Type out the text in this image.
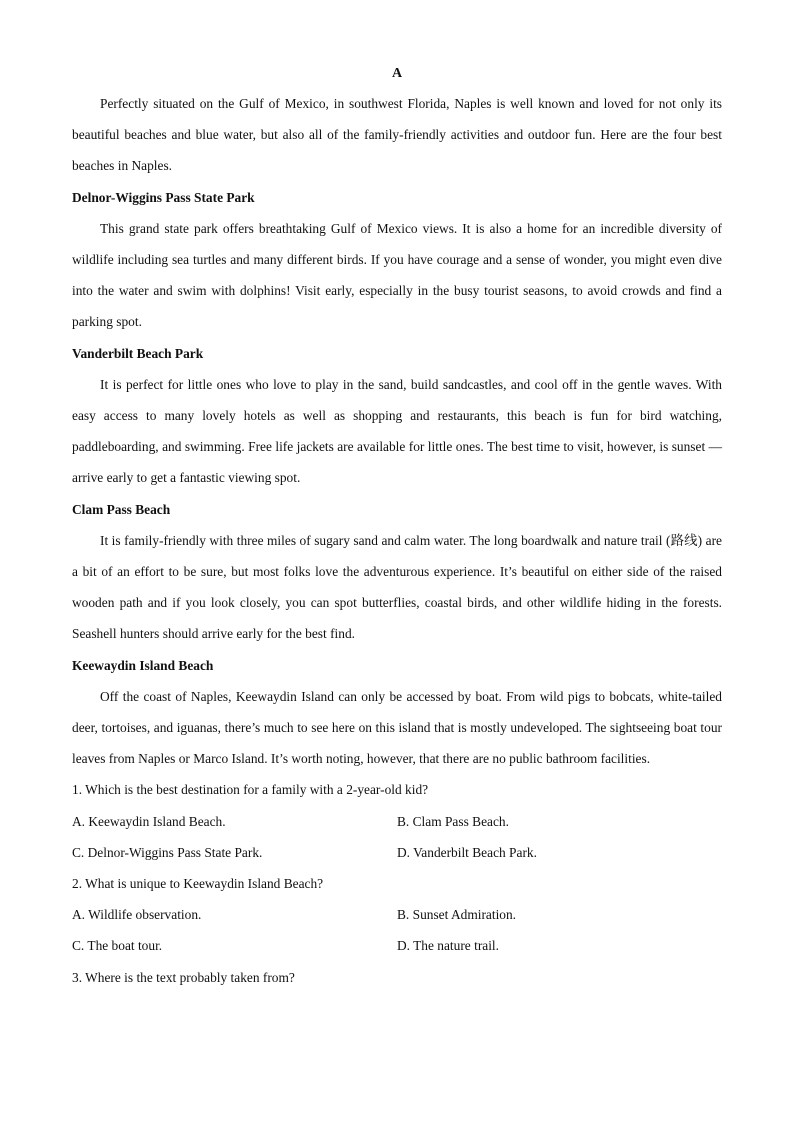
A

Perfectly situated on the Gulf of Mexico, in southwest Florida, Naples is well known and loved for not only its beautiful beaches and blue water, but also all of the family-friendly activities and outdoor fun. Here are the four best beaches in Naples.

Delnor-Wiggins Pass State Park

This grand state park offers breathtaking Gulf of Mexico views. It is also a home for an incredible diversity of wildlife including sea turtles and many different birds. If you have courage and a sense of wonder, you might even dive into the water and swim with dolphins! Visit early, especially in the busy tourist seasons, to avoid crowds and find a parking spot.

Vanderbilt Beach Park

It is perfect for little ones who love to play in the sand, build sandcastles, and cool off in the gentle waves. With easy access to many lovely hotels as well as shopping and restaurants, this beach is fun for bird watching, paddleboarding, and swimming. Free life jackets are available for little ones. The best time to visit, however, is sunset — arrive early to get a fantastic viewing spot.

Clam Pass Beach

It is family-friendly with three miles of sugary sand and calm water. The long boardwalk and nature trail (路线) are a bit of an effort to be sure, but most folks love the adventurous experience. It’s beautiful on either side of the raised wooden path and if you look closely, you can spot butterflies, coastal birds, and other wildlife hiding in the forests. Seashell hunters should arrive early for the best find.

Keewaydin Island Beach

Off the coast of Naples, Keewaydin Island can only be accessed by boat. From wild pigs to bobcats, white-tailed deer, tortoises, and iguanas, there’s much to see here on this island that is mostly undeveloped. The sightseeing boat tour leaves from Naples or Marco Island. It’s worth noting, however, that there are no public bathroom facilities.

1. Which is the best destination for a family with a 2-year-old kid?

A. Keewaydin Island Beach.	B. Clam Pass Beach.
C. Delnor-Wiggins Pass State Park.	D. Vanderbilt Beach Park.

2. What is unique to Keewaydin Island Beach?

A. Wildlife observation.	B. Sunset Admiration.
C. The boat tour.	D. The nature trail.

3. Where is the text probably taken from?
